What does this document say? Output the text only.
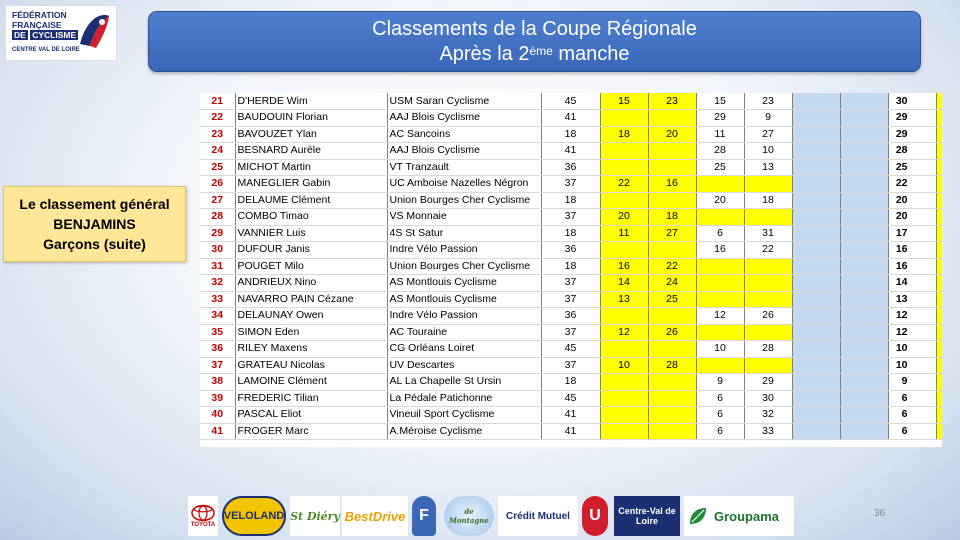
FÉDÉRATION
FRANÇAISE
DE CYCLISME
CENTRE VAL DE LOIRE
Classements de la Coupe Régionale
Après la 2ème manche
Le classement général
BENJAMINS
Garçons (suite)
21	D'HERDE Wim	USM Saran Cyclisme	45	15	23	15	23			30	
22	BAUDOUIN Florian	AAJ Blois Cyclisme	41			29	9			29	
23	BAVOUZET Ylan	AC Sancoins	18	18	20	11	27			29	
24	BESNARD Aurèle	AAJ Blois Cyclisme	41			28	10			28	
25	MICHOT Martin	VT Tranzault	36			25	13			25	
26	MANEGLIER Gabin	UC Amboise Nazelles Négron	37	22	16					22	
27	DELAUME Clément	Union Bourges Cher Cyclisme	18			20	18			20	
28	COMBO Timao	VS Monnaie	37	20	18					20	
29	VANNIER Luis	4S St Satur	18	11	27	6	31			17	
30	DUFOUR Janis	Indre Vélo Passion	36			16	22			16	
31	POUGET Milo	Union Bourges Cher Cyclisme	18	16	22					16	
32	ANDRIEUX Nino	AS Montlouis Cyclisme	37	14	24					14	
33	NAVARRO PAIN Cézane	AS Montlouis Cyclisme	37	13	25					13	
34	DELAUNAY Owen	Indre Vélo Passion	36			12	26			12	
35	SIMON Eden	AC Touraine	37	12	26					12	
36	RILEY Maxens	CG Orléans Loiret	45			10	28			10	
37	GRATEAU Nicolas	UV Descartes	37	10	28					10	
38	LAMOINE Clément	AL La Chapelle St Ursin	18			9	29			9	
39	FREDERIC Tilian	La Pédale Patichonne	45			6	30			6	
40	PASCAL Eliot	Vineuil Sport Cyclisme	41			6	32			6	
41	FROGER Marc	A.Méroise Cyclisme	41			6	33			6	
36
TOYOTA
VELOLAND St Diéry BestDrive F	de Montagne	Crédit Mutuel U	Centre-Val de Loire	Groupama
